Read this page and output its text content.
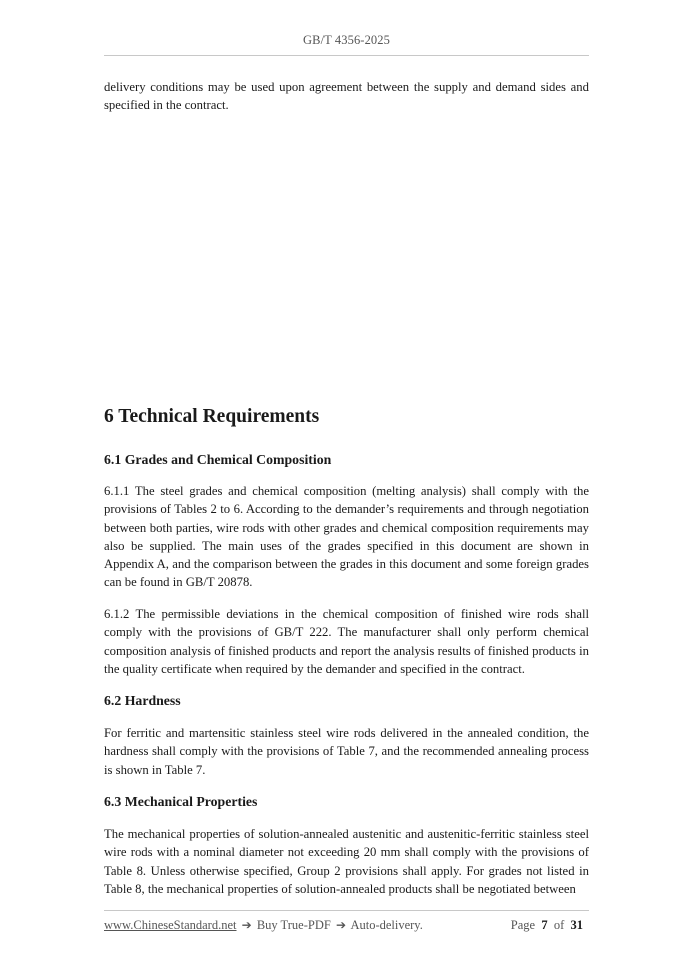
GB/T 4356-2025

delivery conditions may be used upon agreement between the supply and demand sides and specified in the contract.

6 Technical Requirements
6.1 Grades and Chemical Composition

6.1.1 The steel grades and chemical composition (melting analysis) shall comply with the provisions of Tables 2 to 6. According to the demander’s requirements and through negotiation between both parties, wire rods with other grades and chemical composition requirements may also be supplied. The main uses of the grades specified in this document are shown in Appendix A, and the comparison between the grades in this document and some foreign grades can be found in GB/T 20878.

6.1.2 The permissible deviations in the chemical composition of finished wire rods shall comply with the provisions of GB/T 222. The manufacturer shall only perform chemical composition analysis of finished products and report the analysis results of finished products in the quality certificate when required by the demander and specified in the contract.

6.2 Hardness

For ferritic and martensitic stainless steel wire rods delivered in the annealed condition, the hardness shall comply with the provisions of Table 7, and the recommended annealing process is shown in Table 7.

6.3 Mechanical Properties

The mechanical properties of solution-annealed austenitic and austenitic-ferritic stainless steel wire rods with a nominal diameter not exceeding 20 mm shall comply with the provisions of Table 8. Unless otherwise specified, Group 2 provisions shall apply. For grades not listed in Table 8, the mechanical properties of solution-annealed products shall be negotiated between

www.ChineseStandard.net ➔ Buy True-PDF ➔ Auto-delivery.	Page 7 of 31
